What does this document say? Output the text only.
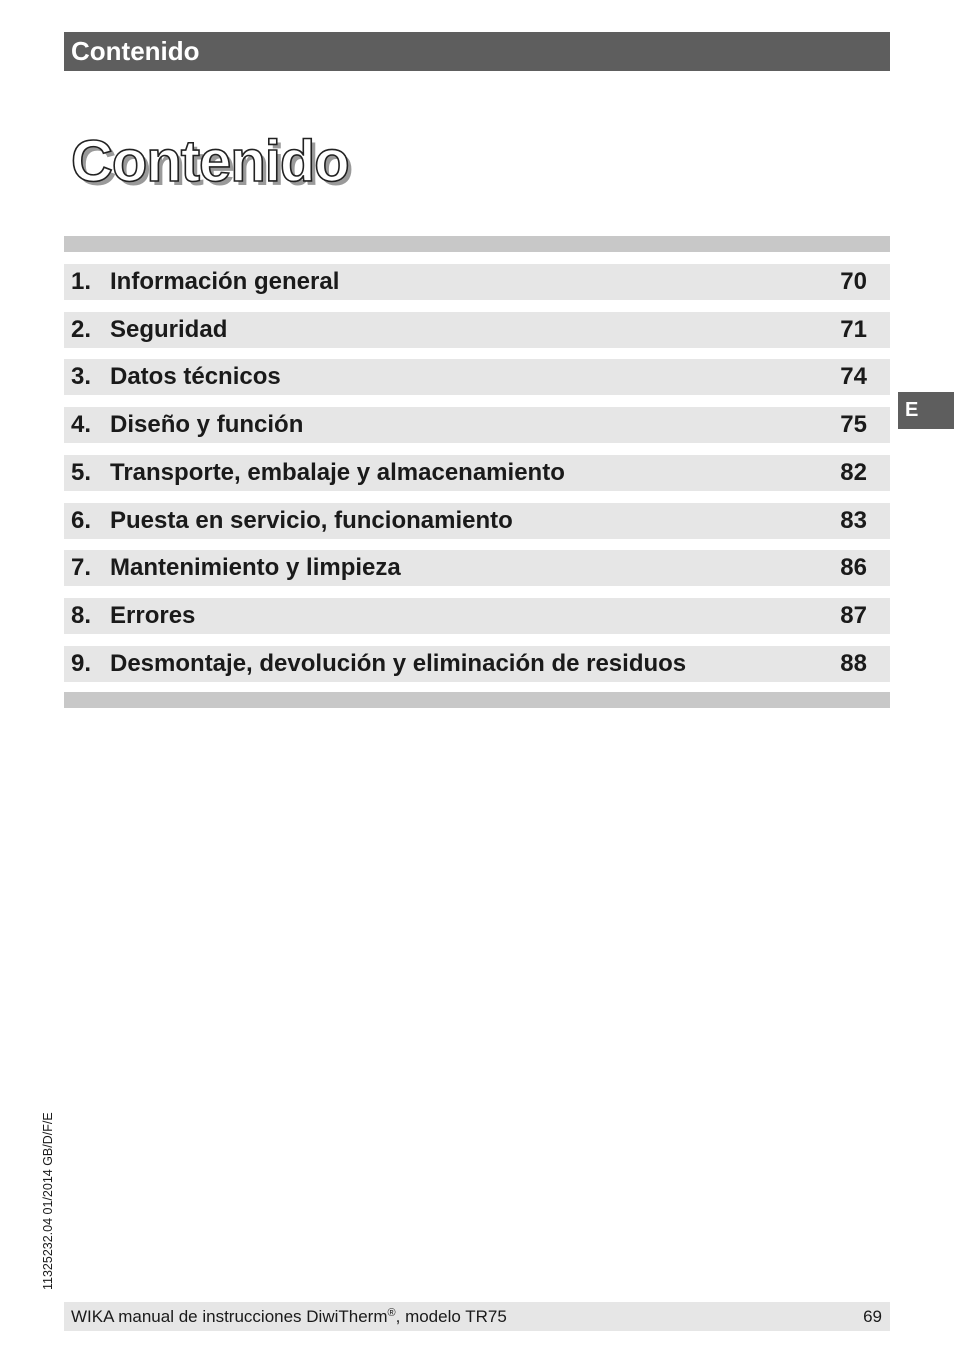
Contenido
Contenido
1. Información general	70
2. Seguridad	71
3. Datos técnicos	74
4. Diseño y función	75
5. Transporte, embalaje y almacenamiento	82
6. Puesta en servicio, funcionamiento	83
7. Mantenimiento y limpieza	86
8. Errores	87
9. Desmontaje, devolución y eliminación de residuos	88
E
11325232.04 01/2014 GB/D/F/E
WIKA manual de instrucciones DiwiTherm®, modelo TR75	69
